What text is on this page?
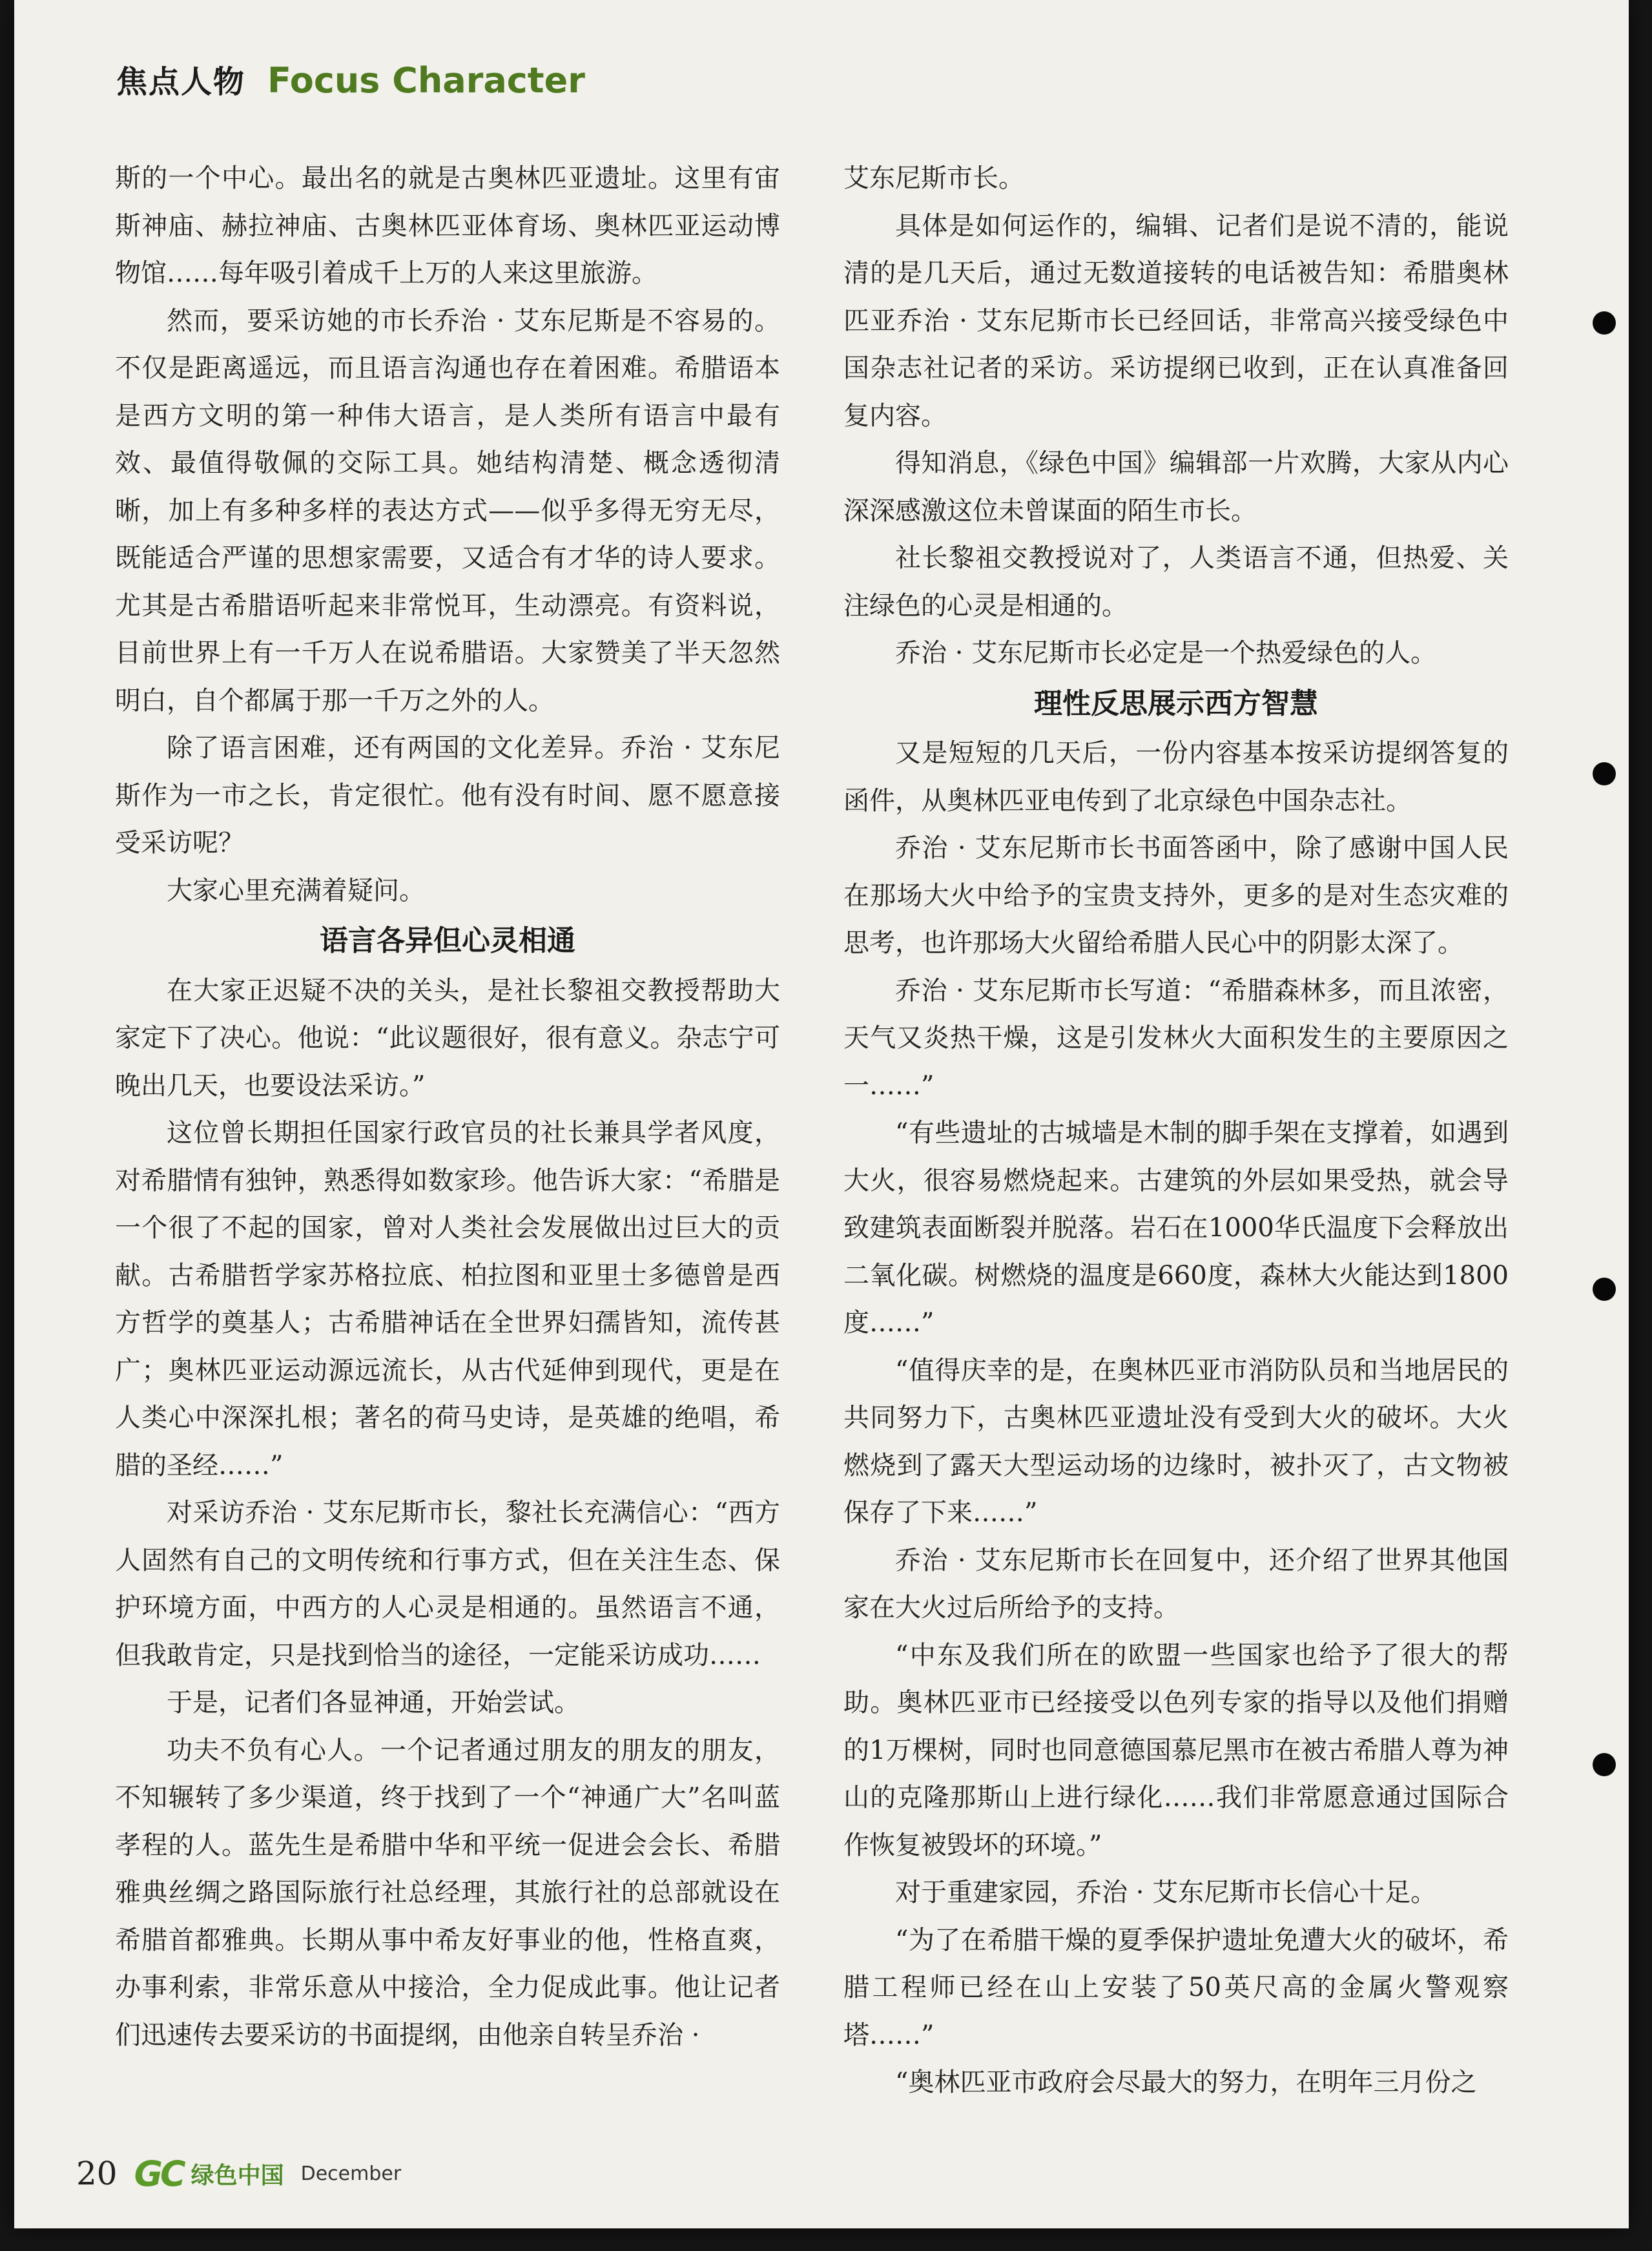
焦点人物 Focus Character

斯的一个中心。最出名的就是古奥林匹亚遗址。这里有宙斯神庙、赫拉神庙、古奥林匹亚体育场、奥林匹亚运动博物馆……每年吸引着成千上万的人来这里旅游。

然而，要采访她的市长乔治 · 艾东尼斯是不容易的。不仅是距离遥远，而且语言沟通也存在着困难。希腊语本是西方文明的第一种伟大语言，是人类所有语言中最有效、最值得敬佩的交际工具。她结构清楚、概念透彻清晰，加上有多种多样的表达方式——似乎多得无穷无尽，既能适合严谨的思想家需要，又适合有才华的诗人要求。尤其是古希腊语听起来非常悦耳，生动漂亮。有资料说，目前世界上有一千万人在说希腊语。大家赞美了半天忽然明白，自个都属于那一千万之外的人。

除了语言困难，还有两国的文化差异。乔治 · 艾东尼斯作为一市之长，肯定很忙。他有没有时间、愿不愿意接受采访呢？

大家心里充满着疑问。

语言各异但心灵相通

在大家正迟疑不决的关头，是社长黎祖交教授帮助大家定下了决心。他说：“此议题很好，很有意义。杂志宁可晚出几天，也要设法采访。”

这位曾长期担任国家行政官员的社长兼具学者风度，对希腊情有独钟，熟悉得如数家珍。他告诉大家：“希腊是一个很了不起的国家，曾对人类社会发展做出过巨大的贡献。古希腊哲学家苏格拉底、柏拉图和亚里士多德曾是西方哲学的奠基人；古希腊神话在全世界妇孺皆知，流传甚广；奥林匹亚运动源远流长，从古代延伸到现代，更是在人类心中深深扎根；著名的荷马史诗，是英雄的绝唱，希腊的圣经……”

对采访乔治 · 艾东尼斯市长，黎社长充满信心：“西方人固然有自己的文明传统和行事方式，但在关注生态、保护环境方面，中西方的人心灵是相通的。虽然语言不通，但我敢肯定，只是找到恰当的途径，一定能采访成功……

于是，记者们各显神通，开始尝试。

功夫不负有心人。一个记者通过朋友的朋友的朋友，不知辗转了多少渠道，终于找到了一个“神通广大”名叫蓝孝程的人。蓝先生是希腊中华和平统一促进会会长、希腊雅典丝绸之路国际旅行社总经理，其旅行社的总部就设在希腊首都雅典。长期从事中希友好事业的他，性格直爽，办事利索，非常乐意从中接洽，全力促成此事。他让记者们迅速传去要采访的书面提纲，由他亲自转呈乔治 ·

艾东尼斯市长。

具体是如何运作的，编辑、记者们是说不清的，能说清的是几天后，通过无数道接转的电话被告知：希腊奥林匹亚乔治 · 艾东尼斯市长已经回话，非常高兴接受绿色中国杂志社记者的采访。采访提纲已收到，正在认真准备回复内容。

得知消息，《绿色中国》编辑部一片欢腾，大家从内心深深感激这位未曾谋面的陌生市长。

社长黎祖交教授说对了，人类语言不通，但热爱、关注绿色的心灵是相通的。

乔治 · 艾东尼斯市长必定是一个热爱绿色的人。

理性反思展示西方智慧

又是短短的几天后，一份内容基本按采访提纲答复的函件，从奥林匹亚电传到了北京绿色中国杂志社。

乔治 · 艾东尼斯市长书面答函中，除了感谢中国人民在那场大火中给予的宝贵支持外，更多的是对生态灾难的思考，也许那场大火留给希腊人民心中的阴影太深了。

乔治 · 艾东尼斯市长写道：“希腊森林多，而且浓密，天气又炎热干燥，这是引发林火大面积发生的主要原因之一……”

“有些遗址的古城墙是木制的脚手架在支撑着，如遇到大火，很容易燃烧起来。古建筑的外层如果受热，就会导致建筑表面断裂并脱落。岩石在1000华氏温度下会释放出二氧化碳。树燃烧的温度是660度，森林大火能达到1800度……”

“值得庆幸的是，在奥林匹亚市消防队员和当地居民的共同努力下，古奥林匹亚遗址没有受到大火的破坏。大火燃烧到了露天大型运动场的边缘时，被扑灭了，古文物被保存了下来……”

乔治 · 艾东尼斯市长在回复中，还介绍了世界其他国家在大火过后所给予的支持。

“中东及我们所在的欧盟一些国家也给予了很大的帮助。奥林匹亚市已经接受以色列专家的指导以及他们捐赠的1万棵树，同时也同意德国慕尼黑市在被古希腊人尊为神山的克隆那斯山上进行绿化……我们非常愿意通过国际合作恢复被毁坏的环境。”

对于重建家园，乔治 · 艾东尼斯市长信心十足。

“为了在希腊干燥的夏季保护遗址免遭大火的破坏，希腊工程师已经在山上安装了50英尺高的金属火警观察塔……”

“奥林匹亚市政府会尽最大的努力，在明年三月份之

20 GC 绿色中国 December
